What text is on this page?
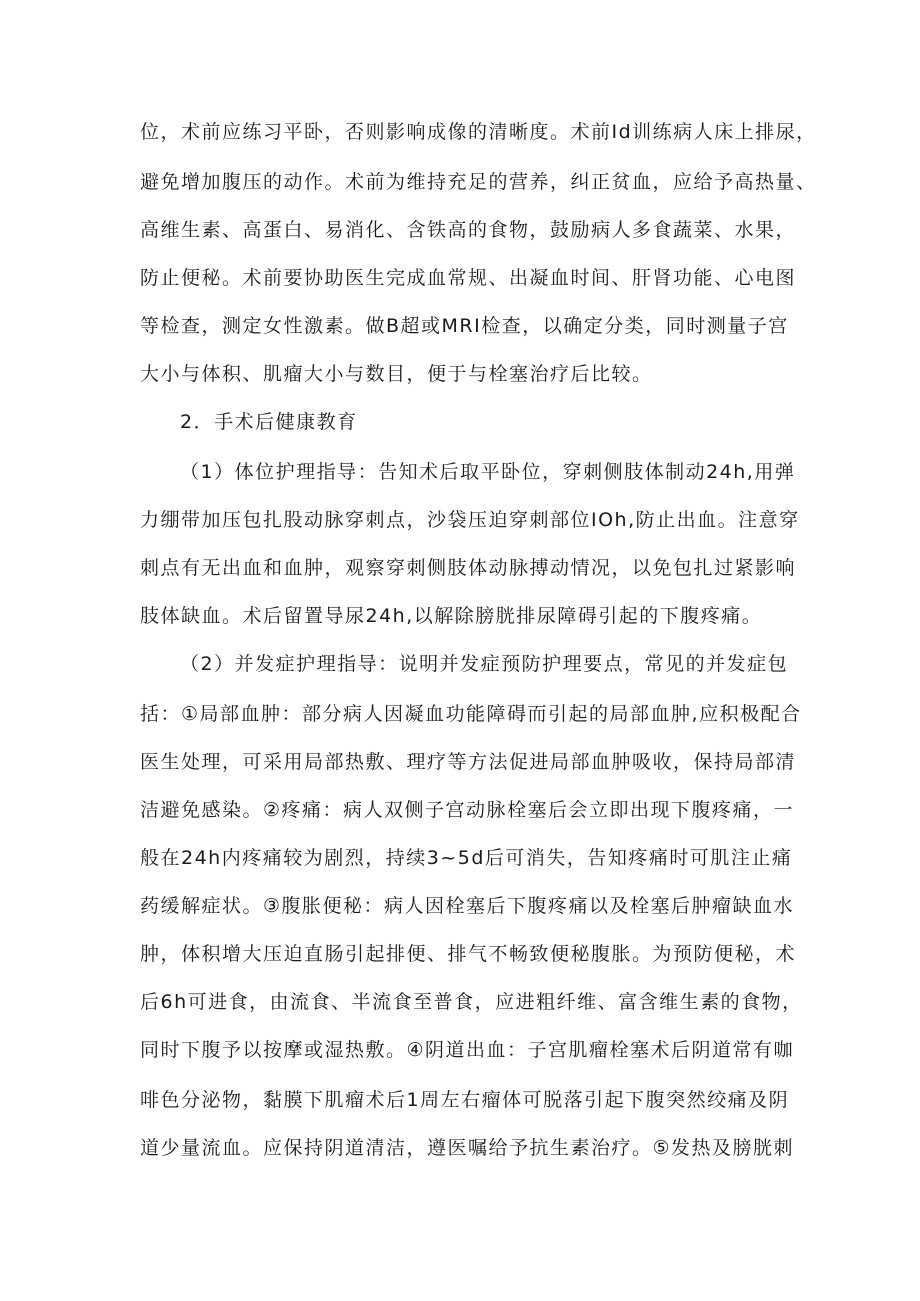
位，术前应练习平卧，否则影响成像的清晰度。术前Id训练病人床上排尿，
避免增加腹压的动作。术前为维持充足的营养，纠正贫血，应给予高热量、
高维生素、高蛋白、易消化、含铁高的食物，鼓励病人多食蔬菜、水果，
防止便秘。术前要协助医生完成血常规、出凝血时间、肝肾功能、心电图
等检查，测定女性激素。做B超或MRI检查，以确定分类，同时测量子宫
大小与体积、肌瘤大小与数目，便于与栓塞治疗后比较。
2．手术后健康教育
（1）体位护理指导：告知术后取平卧位，穿刺侧肢体制动24h,用弹
力绷带加压包扎股动脉穿刺点，沙袋压迫穿刺部位IOh,防止出血。注意穿
刺点有无出血和血肿，观察穿刺侧肢体动脉搏动情况，以免包扎过紧影响
肢体缺血。术后留置导尿24h,以解除膀胱排尿障碍引起的下腹疼痛。
（2）并发症护理指导：说明并发症预防护理要点，常见的并发症包
括：①局部血肿：部分病人因凝血功能障碍而引起的局部血肿,应积极配合
医生处理，可采用局部热敷、理疗等方法促进局部血肿吸收，保持局部清
洁避免感染。②疼痛：病人双侧子宫动脉栓塞后会立即出现下腹疼痛，一
般在24h内疼痛较为剧烈，持续3~5d后可消失，告知疼痛时可肌注止痛
药缓解症状。③腹胀便秘：病人因栓塞后下腹疼痛以及栓塞后肿瘤缺血水
肿，体积增大压迫直肠引起排便、排气不畅致便秘腹胀。为预防便秘，术
后6h可进食，由流食、半流食至普食，应进粗纤维、富含维生素的食物，
同时下腹予以按摩或湿热敷。④阴道出血：子宫肌瘤栓塞术后阴道常有咖
啡色分泌物，黏膜下肌瘤术后1周左右瘤体可脱落引起下腹突然绞痛及阴
道少量流血。应保持阴道清洁，遵医嘱给予抗生素治疗。⑤发热及膀胱刺
